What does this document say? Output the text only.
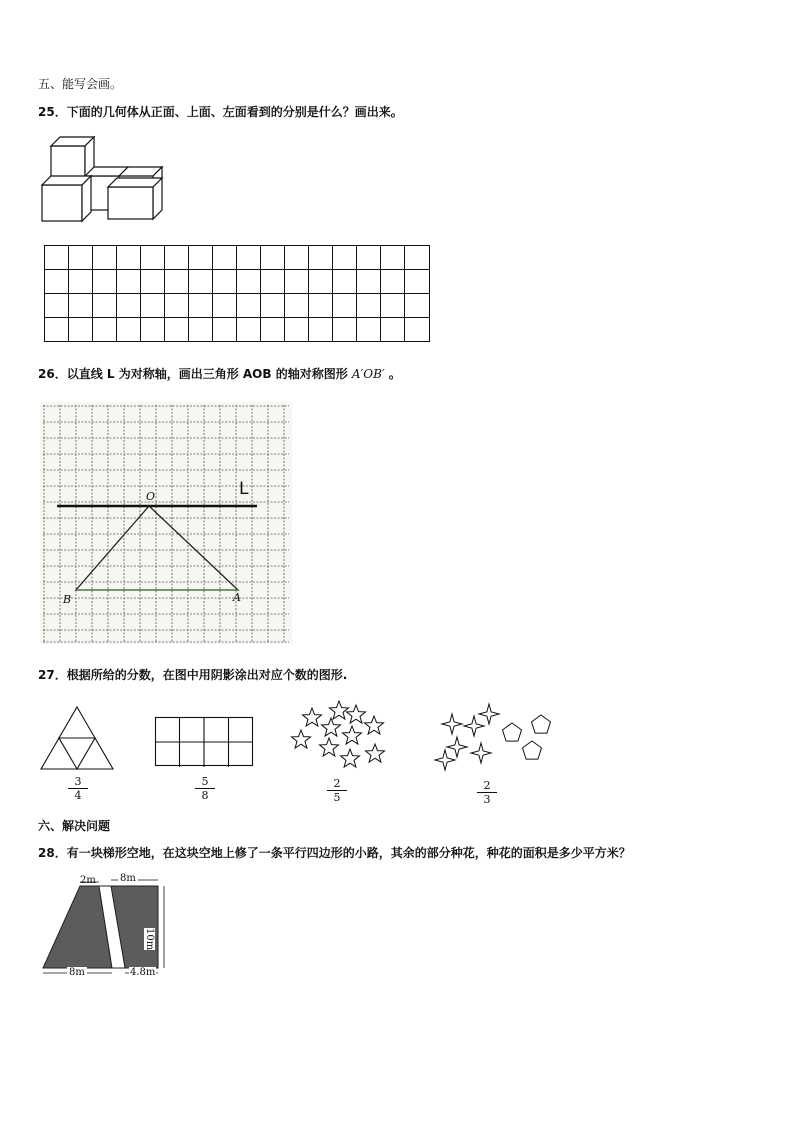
五、能写会画。
25．下面的几何体从正面、上面、左面看到的分别是什么？画出来。
26．以直线 L 为对称轴，画出三角形 AOB 的轴对称图形 A′OB′ 。
L
O
A
B
27．根据所给的分数，在图中用阴影涂出对应个数的图形.
$\frac{3}{4}$	$\frac{5}{8}$	$\frac{2}{5}$	$\frac{2}{3}$
六、解决问题
28．有一块梯形空地，在这块空地上修了一条平行四边形的小路，其余的部分种花，种花的面积是多少平方米？
2m 8m
10m
8m	4.8m
